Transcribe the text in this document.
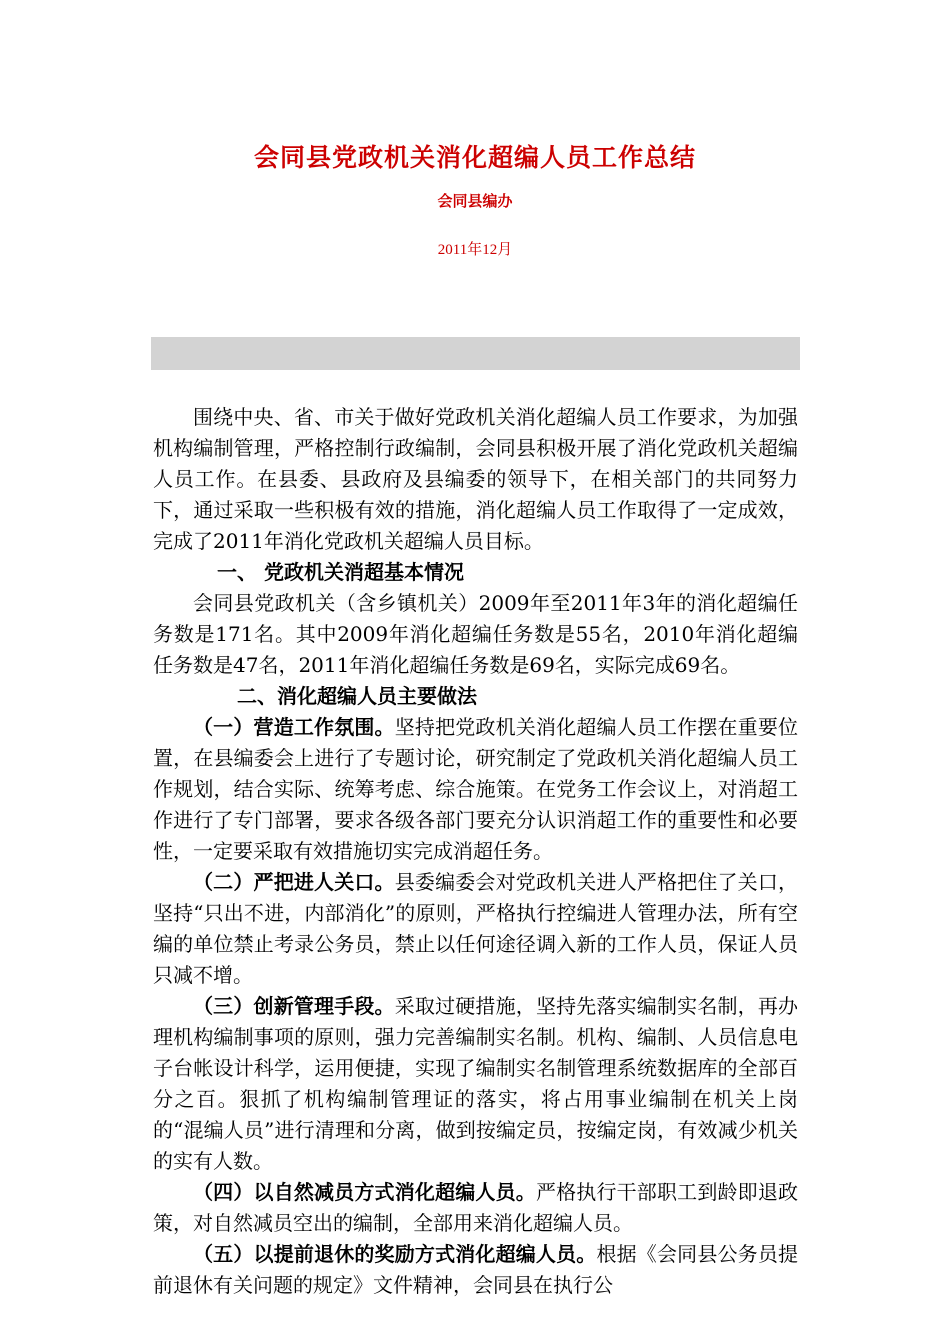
会同县党政机关消化超编人员工作总结
会同县编办
2011年12月

围绕中央、省、市关于做好党政机关消化超编人员工作要求，为加强机构编制管理，严格控制行政编制，会同县积极开展了消化党政机关超编人员工作。在县委、县政府及县编委的领导下，在相关部门的共同努力下，通过采取一些积极有效的措施，消化超编人员工作取得了一定成效，完成了2011年消化党政机关超编人员目标。

一、 党政机关消超基本情况

会同县党政机关（含乡镇机关）2009年至2011年3年的消化超编任务数是171名。其中2009年消化超编任务数是55名，2010年消化超编任务数是47名，2011年消化超编任务数是69名，实际完成69名。

二、消化超编人员主要做法

（一）营造工作氛围。坚持把党政机关消化超编人员工作摆在重要位置，在县编委会上进行了专题讨论，研究制定了党政机关消化超编人员工作规划，结合实际、统筹考虑、综合施策。在党务工作会议上，对消超工作进行了专门部署，要求各级各部门要充分认识消超工作的重要性和必要性，一定要采取有效措施切实完成消超任务。

（二）严把进人关口。县委编委会对党政机关进人严格把住了关口，坚持“只出不进，内部消化”的原则，严格执行控编进人管理办法，所有空编的单位禁止考录公务员，禁止以任何途径调入新的工作人员，保证人员只减不增。

（三）创新管理手段。采取过硬措施，坚持先落实编制实名制，再办理机构编制事项的原则，强力完善编制实名制。机构、编制、人员信息电子台帐设计科学，运用便捷，实现了编制实名制管理系统数据库的全部百分之百。狠抓了机构编制管理证的落实，将占用事业编制在机关上岗的“混编人员”进行清理和分离，做到按编定员，按编定岗，有效减少机关的实有人数。

（四）以自然减员方式消化超编人员。严格执行干部职工到龄即退政策，对自然减员空出的编制，全部用来消化超编人员。

（五）以提前退休的奖励方式消化超编人员。根据《会同县公务员提前退休有关问题的规定》文件精神，会同县在执行公
